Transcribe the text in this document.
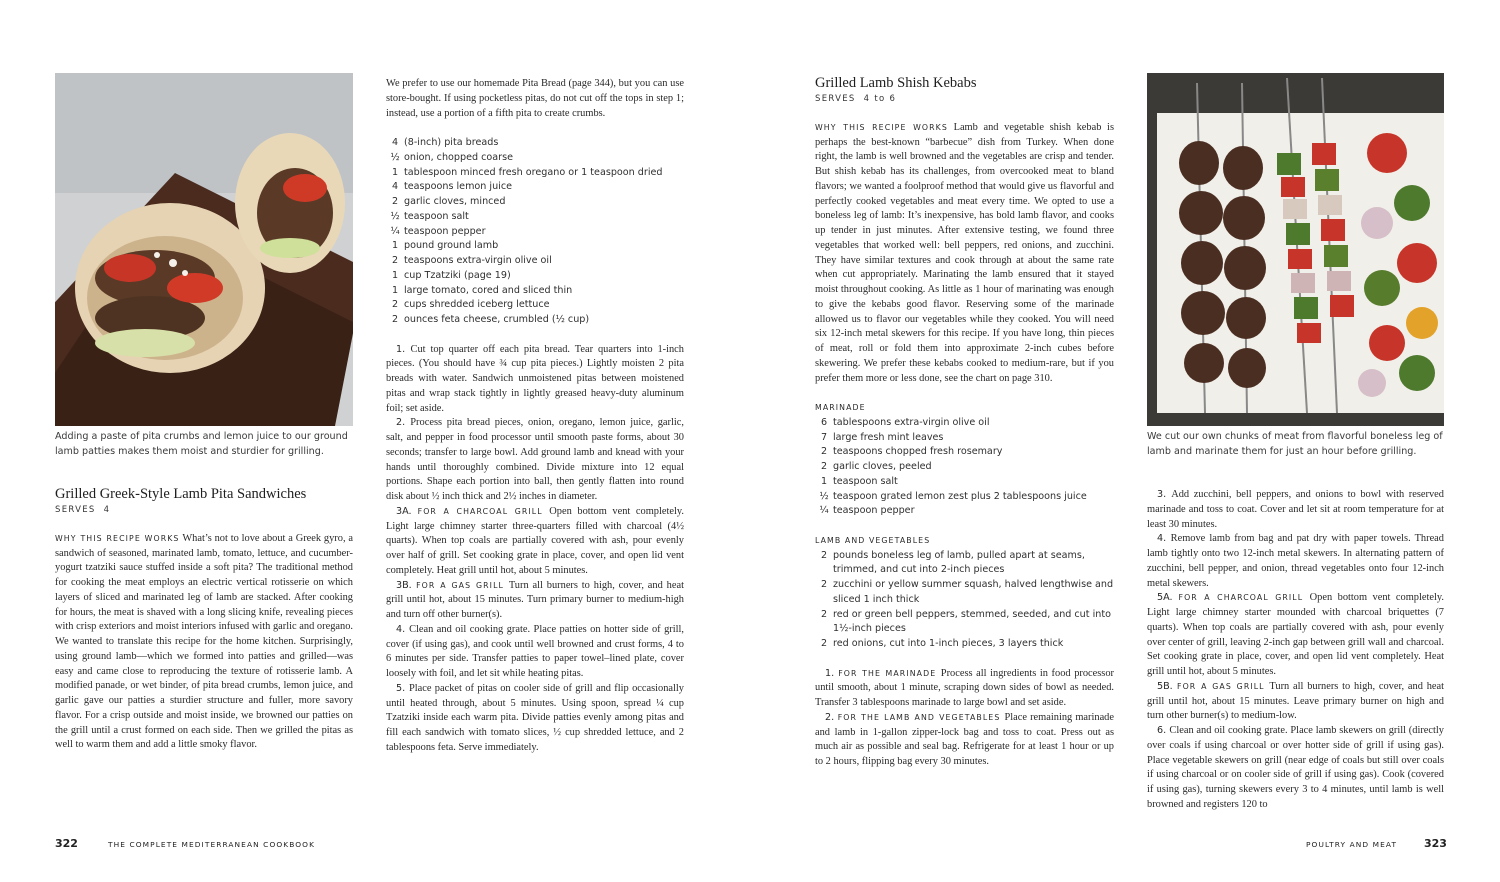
Adding a paste of pita crumbs and lemon juice to our ground lamb patties makes them moist and sturdier for grilling.
Grilled Greek-Style Lamb Pita Sandwiches
SERVES 4

WHY THIS RECIPE WORKS What’s not to love about a Greek gyro, a sandwich of seasoned, marinated lamb, tomato, lettuce, and cucumber-yogurt tzatziki sauce stuffed inside a soft pita? The traditional method for cooking the meat employs an electric vertical rotisserie on which layers of sliced and marinated leg of lamb are stacked. After cooking for hours, the meat is shaved with a long slicing knife, revealing pieces with crisp exteriors and moist interiors infused with garlic and oregano. We wanted to translate this recipe for the home kitchen. Surprisingly, using ground lamb—which we formed into patties and grilled—was easy and came close to reproducing the texture of rotisserie lamb. A modified panade, or wet binder, of pita bread crumbs, lemon juice, and garlic gave our patties a sturdier structure and fuller, more savory flavor. For a crisp outside and moist inside, we browned our patties on the grill until a crust formed on each side. Then we grilled the pitas as well to warm them and add a little smoky flavor.

We prefer to use our homemade Pita Bread (page 344), but you can use store-bought. If using pocketless pitas, do not cut off the tops in step 1; instead, use a portion of a fifth pita to create crumbs.

4 (8-inch) pita breads
½ onion, chopped coarse
1 tablespoon minced fresh oregano or 1 teaspoon dried
4 teaspoons lemon juice
2 garlic cloves, minced
½ teaspoon salt
¼ teaspoon pepper
1 pound ground lamb
2 teaspoons extra-virgin olive oil
1 cup Tzatziki (page 19)
1 large tomato, cored and sliced thin
2 cups shredded iceberg lettuce
2 ounces feta cheese, crumbled (½ cup)

1. Cut top quarter off each pita bread. Tear quarters into 1-inch pieces. (You should have ¾ cup pita pieces.) Lightly moisten 2 pita breads with water. Sandwich unmoistened pitas between moistened pitas and wrap stack tightly in lightly greased heavy-duty aluminum foil; set aside.

2. Process pita bread pieces, onion, oregano, lemon juice, garlic, salt, and pepper in food processor until smooth paste forms, about 30 seconds; transfer to large bowl. Add ground lamb and knead with your hands until thoroughly combined. Divide mixture into 12 equal portions. Shape each portion into ball, then gently flatten into round disk about ½ inch thick and 2½ inches in diameter.

3A. FOR A CHARCOAL GRILL Open bottom vent completely. Light large chimney starter three-quarters filled with charcoal (4½ quarts). When top coals are partially covered with ash, pour evenly over half of grill. Set cooking grate in place, cover, and open lid vent completely. Heat grill until hot, about 5 minutes.

3B. FOR A GAS GRILL Turn all burners to high, cover, and heat grill until hot, about 15 minutes. Turn primary burner to medium-high and turn off other burner(s).

4. Clean and oil cooking grate. Place patties on hotter side of grill, cover (if using gas), and cook until well browned and crust forms, 4 to 6 minutes per side. Transfer patties to paper towel–lined plate, cover loosely with foil, and let sit while heating pitas.

5. Place packet of pitas on cooler side of grill and flip occasionally until heated through, about 5 minutes. Using spoon, spread ¼ cup Tzatziki inside each warm pita. Divide patties evenly among pitas and fill each sandwich with tomato slices, ½ cup shredded lettuce, and 2 tablespoons feta. Serve immediately.

322	THE COMPLETE MEDITERRANEAN COOKBOOK
Grilled Lamb Shish Kebabs
SERVES 4 to 6

WHY THIS RECIPE WORKS Lamb and vegetable shish kebab is perhaps the best-known “barbecue” dish from Turkey. When done right, the lamb is well browned and the vegetables are crisp and tender. But shish kebab has its challenges, from overcooked meat to bland flavors; we wanted a foolproof method that would give us flavorful and perfectly cooked vegetables and meat every time. We opted to use a boneless leg of lamb: It’s inexpensive, has bold lamb flavor, and cooks up tender in just minutes. After extensive testing, we found three vegetables that worked well: bell peppers, red onions, and zucchini. They have similar textures and cook through at about the same rate when cut appropriately. Marinating the lamb ensured that it stayed moist throughout cooking. As little as 1 hour of marinating was enough to give the kebabs good flavor. Reserving some of the marinade allowed us to flavor our vegetables while they cooked. You will need six 12-inch metal skewers for this recipe. If you have long, thin pieces of meat, roll or fold them into approximate 2-inch cubes before skewering. We prefer these kebabs cooked to medium-rare, but if you prefer them more or less done, see the chart on page 310.

MARINADE
6 tablespoons extra-virgin olive oil
7 large fresh mint leaves
2 teaspoons chopped fresh rosemary
2 garlic cloves, peeled
1 teaspoon salt
½ teaspoon grated lemon zest plus 2 tablespoons juice
¼ teaspoon pepper
LAMB AND VEGETABLES
2 pounds boneless leg of lamb, pulled apart at seams, trimmed, and cut into 2-inch pieces
2 zucchini or yellow summer squash, halved lengthwise and sliced 1 inch thick
2 red or green bell peppers, stemmed, seeded, and cut into 1½-inch pieces
2 red onions, cut into 1-inch pieces, 3 layers thick

1. FOR THE MARINADE Process all ingredients in food processor until smooth, about 1 minute, scraping down sides of bowl as needed. Transfer 3 tablespoons marinade to large bowl and set aside.

2. FOR THE LAMB AND VEGETABLES Place remaining marinade and lamb in 1-gallon zipper-lock bag and toss to coat. Press out as much air as possible and seal bag. Refrigerate for at least 1 hour or up to 2 hours, flipping bag every 30 minutes.

We cut our own chunks of meat from flavorful boneless leg of lamb and marinate them for just an hour before grilling.

3. Add zucchini, bell peppers, and onions to bowl with reserved marinade and toss to coat. Cover and let sit at room temperature for at least 30 minutes.

4. Remove lamb from bag and pat dry with paper towels. Thread lamb tightly onto two 12-inch metal skewers. In alternating pattern of zucchini, bell pepper, and onion, thread vegetables onto four 12-inch metal skewers.

5A. FOR A CHARCOAL GRILL Open bottom vent completely. Light large chimney starter mounded with charcoal briquettes (7 quarts). When top coals are partially covered with ash, pour evenly over center of grill, leaving 2-inch gap between grill wall and charcoal. Set cooking grate in place, cover, and open lid vent completely. Heat grill until hot, about 5 minutes.

5B. FOR A GAS GRILL Turn all burners to high, cover, and heat grill until hot, about 15 minutes. Leave primary burner on high and turn other burner(s) to medium-low.

6. Clean and oil cooking grate. Place lamb skewers on grill (directly over coals if using charcoal or over hotter side of grill if using gas). Place vegetable skewers on grill (near edge of coals but still over coals if using charcoal or on cooler side of grill if using gas). Cook (covered if using gas), turning skewers every 3 to 4 minutes, until lamb is well browned and registers 120 to

POULTRY AND MEAT 323
